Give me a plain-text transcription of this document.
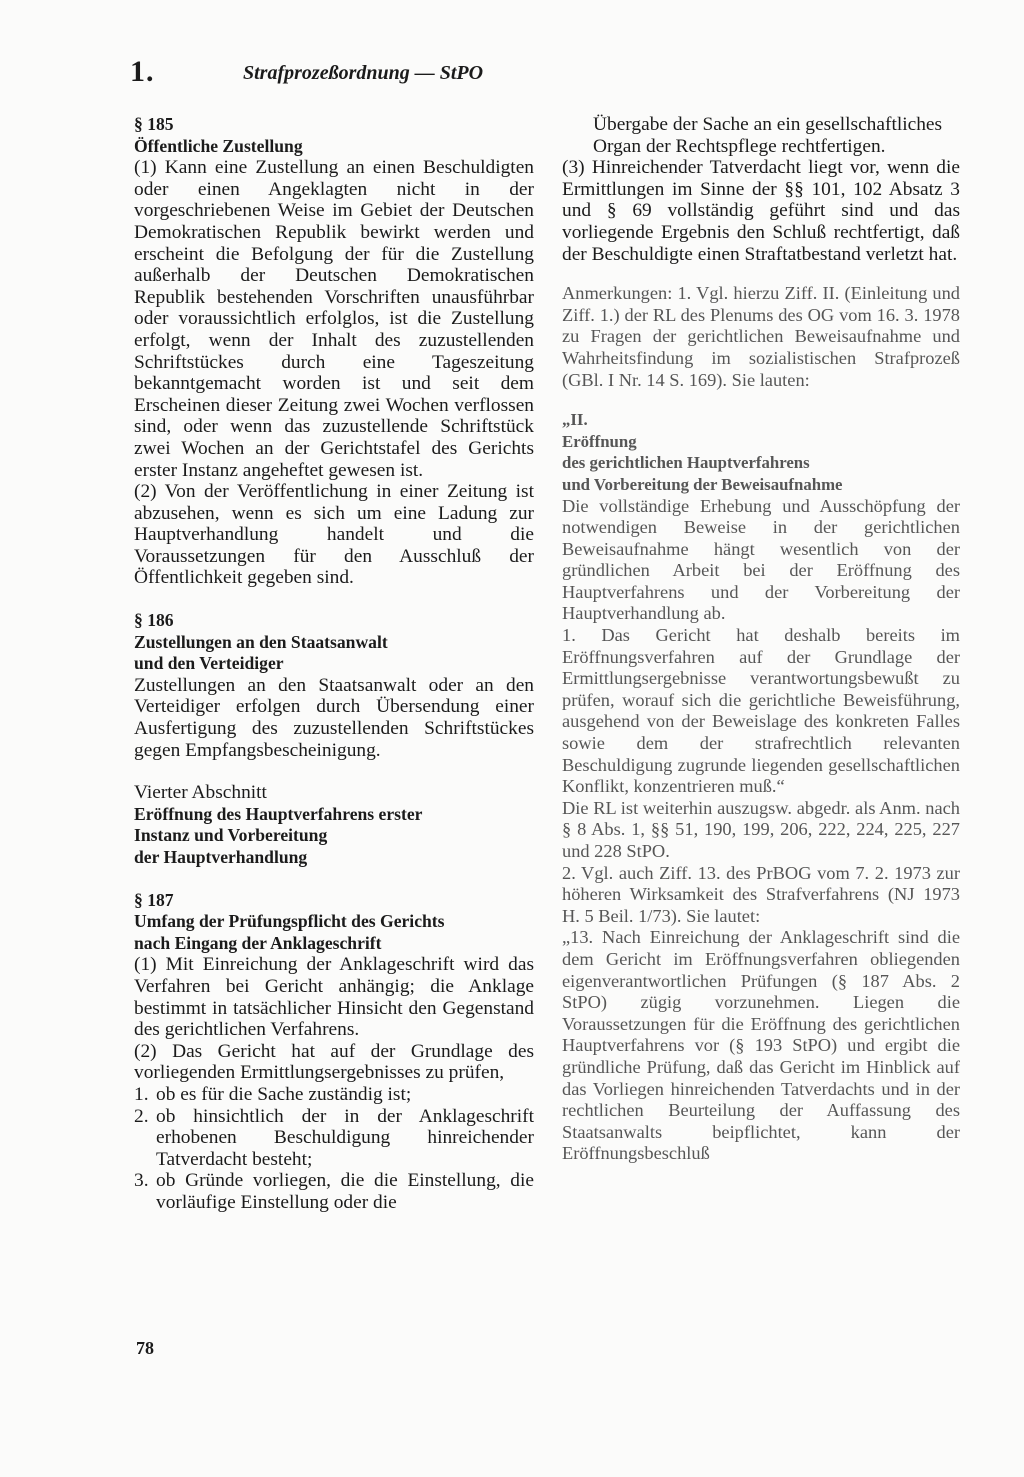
1.	Strafprozeßordnung — StPO

§ 185

Öffentliche Zustellung

(1) Kann eine Zustellung an einen Beschuldigten oder einen Angeklagten nicht in der vorgeschriebenen Weise im Gebiet der Deutschen Demokratischen Republik bewirkt werden und erscheint die Befolgung der für die Zustellung außerhalb der Deutschen Demokratischen Republik bestehenden Vorschriften unausführbar oder voraussichtlich erfolglos, ist die Zustellung erfolgt, wenn der Inhalt des zuzustellenden Schriftstückes durch eine Tageszeitung bekanntgemacht worden ist und seit dem Erscheinen dieser Zeitung zwei Wochen verflossen sind, oder wenn das zuzustellende Schriftstück zwei Wochen an der Gerichtstafel des Gerichts erster Instanz angeheftet gewesen ist.

(2) Von der Veröffentlichung in einer Zeitung ist abzusehen, wenn es sich um eine Ladung zur Hauptverhandlung handelt und die Voraussetzungen für den Ausschluß der Öffentlichkeit gegeben sind.

§ 186

Zustellungen an den Staatsanwalt

und den Verteidiger

Zustellungen an den Staatsanwalt oder an den Verteidiger erfolgen durch Übersendung einer Ausfertigung des zuzustellenden Schriftstückes gegen Empfangsbescheinigung.

Vierter Abschnitt

Eröffnung des Hauptverfahrens erster

Instanz und Vorbereitung

der Hauptverhandlung

§ 187

Umfang der Prüfungspflicht des Gerichts

nach Eingang der Anklageschrift

(1) Mit Einreichung der Anklageschrift wird das Verfahren bei Gericht anhängig; die Anklage bestimmt in tatsächlicher Hinsicht den Gegenstand des gerichtlichen Verfahrens.

(2) Das Gericht hat auf der Grundlage des vorliegenden Ermittlungsergebnisses zu prüfen,

1. ob es für die Sache zuständig ist;
2. ob hinsichtlich der in der Anklageschrift erhobenen Beschuldigung hinreichender Tatverdacht besteht;
3. ob Gründe vorliegen, die die Einstellung, die vorläufige Einstellung oder die

Übergabe der Sache an ein gesellschaftliches Organ der Rechtspflege rechtfertigen.

(3) Hinreichender Tatverdacht liegt vor, wenn die Ermittlungen im Sinne der §§ 101, 102 Absatz 3 und § 69 vollständig geführt sind und das vorliegende Ergebnis den Schluß rechtfertigt, daß der Beschuldigte einen Straftatbestand verletzt hat.

Anmerkungen: 1. Vgl. hierzu Ziff. II. (Einleitung und Ziff. 1.) der RL des Plenums des OG vom 16. 3. 1978 zu Fragen der gerichtlichen Beweisaufnahme und Wahrheitsfindung im sozialistischen Strafprozeß (GBl. I Nr. 14 S. 169). Sie lauten:

„II.

Eröffnung

des gerichtlichen Hauptverfahrens

und Vorbereitung der Beweisaufnahme

Die vollständige Erhebung und Ausschöpfung der notwendigen Beweise in der gerichtlichen Beweisaufnahme hängt wesentlich von der gründlichen Arbeit bei der Eröffnung des Hauptverfahrens und der Vorbereitung der Hauptverhandlung ab.

1. Das Gericht hat deshalb bereits im Eröffnungsverfahren auf der Grundlage der Ermittlungsergebnisse verantwortungsbewußt zu prüfen, worauf sich die gerichtliche Beweisführung, ausgehend von der Beweislage des konkreten Falles sowie dem der strafrechtlich relevanten Beschuldigung zugrunde liegenden gesellschaftlichen Konflikt, konzentrieren muß.“

Die RL ist weiterhin auszugsw. abgedr. als Anm. nach § 8 Abs. 1, §§ 51, 190, 199, 206, 222, 224, 225, 227 und 228 StPO.

2. Vgl. auch Ziff. 13. des PrBOG vom 7. 2. 1973 zur höheren Wirksamkeit des Strafverfahrens (NJ 1973 H. 5 Beil. 1/73). Sie lautet:

„13. Nach Einreichung der Anklageschrift sind die dem Gericht im Eröffnungsverfahren obliegenden eigenverantwortlichen Prüfungen (§ 187 Abs. 2 StPO) zügig vorzunehmen. Liegen die Voraussetzungen für die Eröffnung des gerichtlichen Hauptverfahrens vor (§ 193 StPO) und ergibt die gründliche Prüfung, daß das Gericht im Hinblick auf das Vorliegen hinreichenden Tatverdachts und in der rechtlichen Beurteilung der Auffassung des Staatsanwalts beipflichtet, kann der Eröffnungsbeschluß

78
